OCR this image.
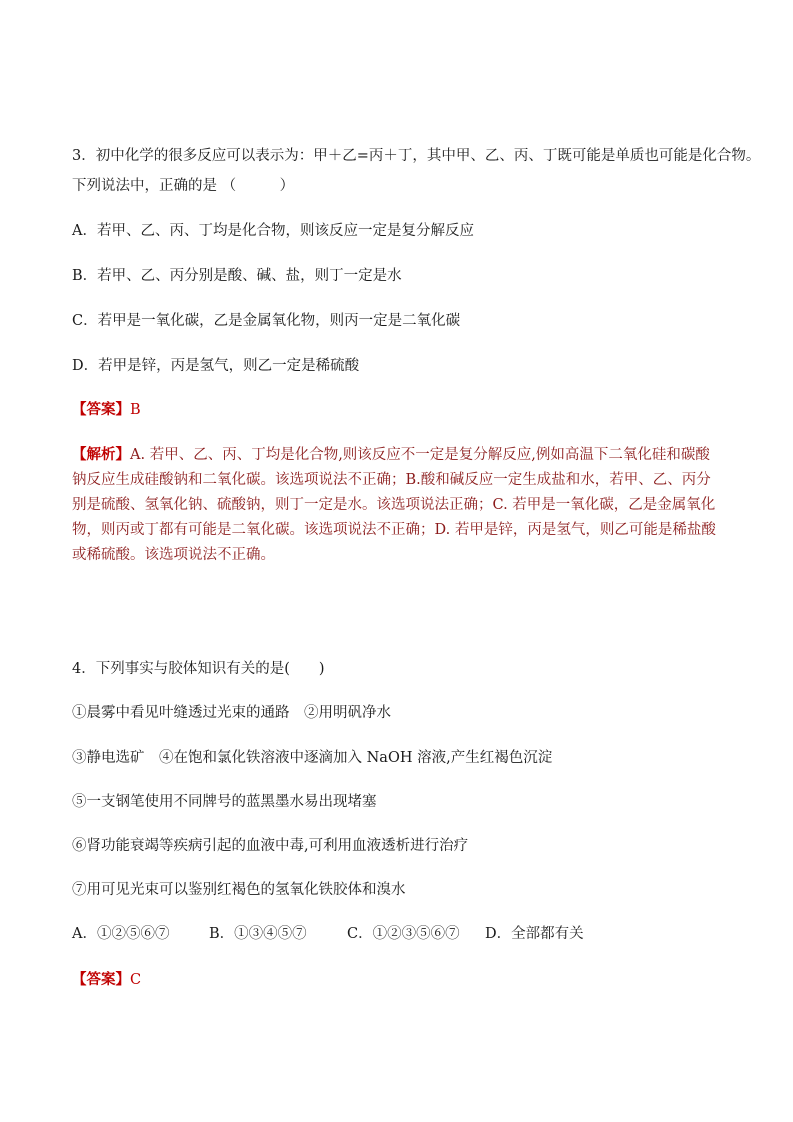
3．初中化学的很多反应可以表示为：甲＋乙=丙＋丁，其中甲、乙、丙、丁既可能是单质也可能是化合物。
下列说法中，正确的是 （　　　）
A．若甲、乙、丙、丁均是化合物，则该反应一定是复分解反应
B．若甲、乙、丙分别是酸、碱、盐，则丁一定是水
C．若甲是一氧化碳，乙是金属氧化物，则丙一定是二氧化碳
D．若甲是锌，丙是氢气，则乙一定是稀硫酸
【答案】B
【解析】A. 若甲、乙、丙、丁均是化合物,则该反应不一定是复分解反应,例如高温下二氧化硅和碳酸钠反应生成硅酸钠和二氧化碳。该选项说法不正确；B.酸和碱反应一定生成盐和水，若甲、乙、丙分别是硫酸、氢氧化钠、硫酸钠，则丁一定是水。该选项说法正确；C. 若甲是一氧化碳，乙是金属氧化物，则丙或丁都有可能是二氧化碳。该选项说法不正确；D. 若甲是锌，丙是氢气，则乙可能是稀盐酸或稀硫酸。该选项说法不正确。
4．下列事实与胶体知识有关的是(　　)
①晨雾中看见叶缝透过光束的通路　②用明矾净水
③静电选矿　④在饱和氯化铁溶液中逐滴加入 NaOH 溶液,产生红褐色沉淀
⑤一支钢笔使用不同牌号的蓝黑墨水易出现堵塞
⑥肾功能衰竭等疾病引起的血液中毒,可利用血液透析进行治疗
⑦用可见光束可以鉴别红褐色的氢氧化铁胶体和溴水
A．①②⑤⑥⑦	B．①③④⑤⑦	C．①②③⑤⑥⑦ D．全部都有关
【答案】C
